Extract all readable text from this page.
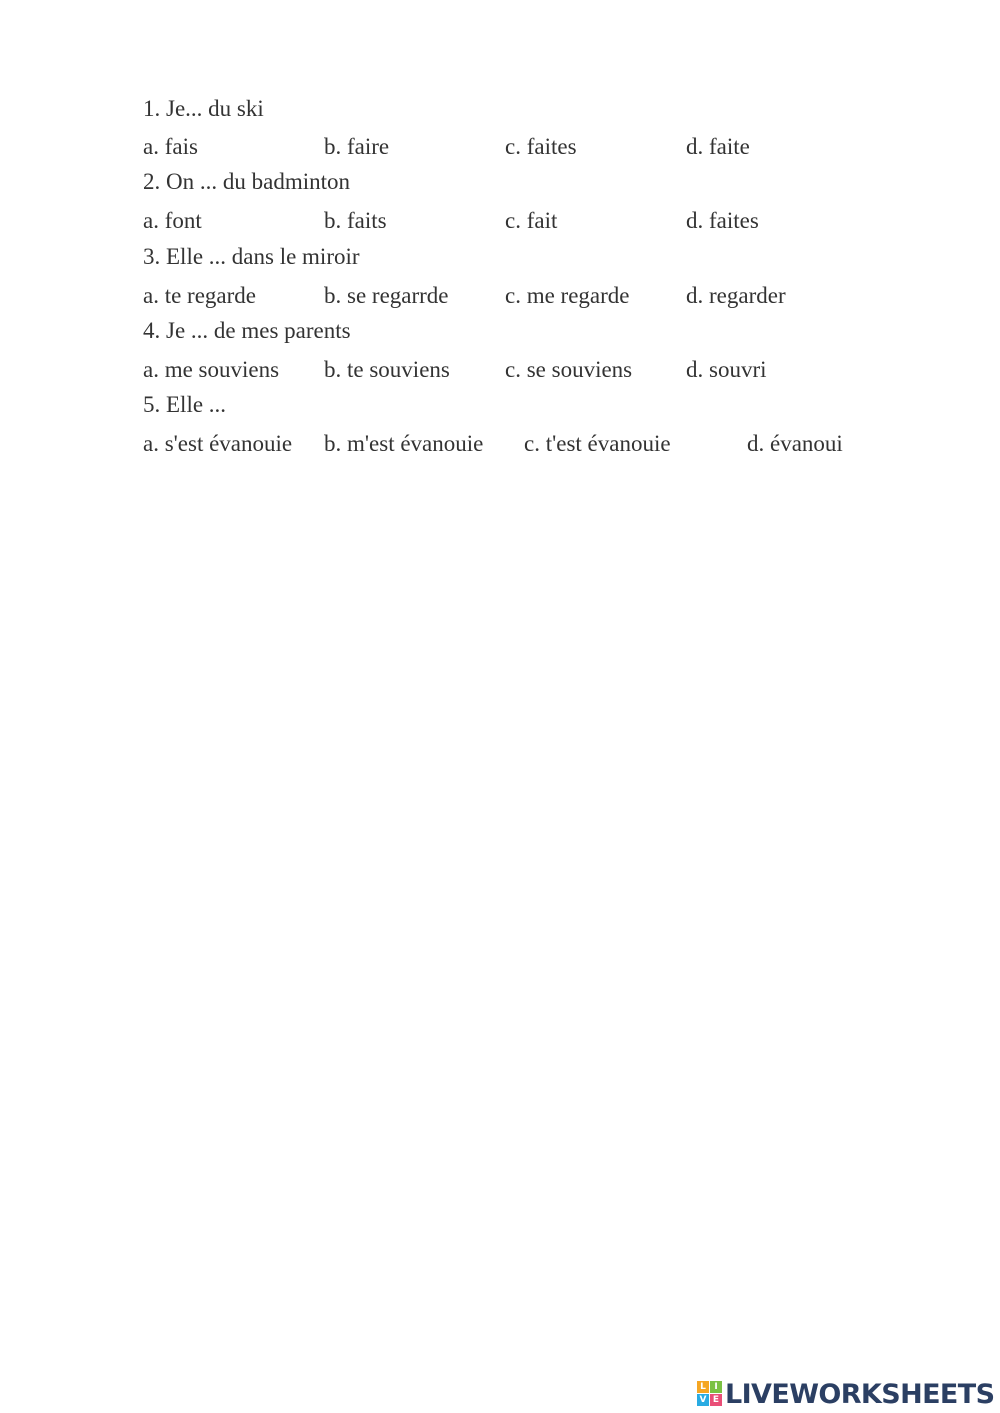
1. Je... du ski
a. fais	b. faire	c. faites	d. faite
2. On ... du badminton
a. font	b. faits	c. fait	d. faites
3. Elle ... dans le miroir
a. te regarde	b. se regarrde c. me regarde d. regarder
4. Je ... de mes parents
a. me souviens b. te souviens c. se souviens d. souvri
5. Elle ...
a. s'est évanouie b. m'est évanouie c. t'est évanouie	d. évanoui
L I
V E LIVEWORKSHEETS
